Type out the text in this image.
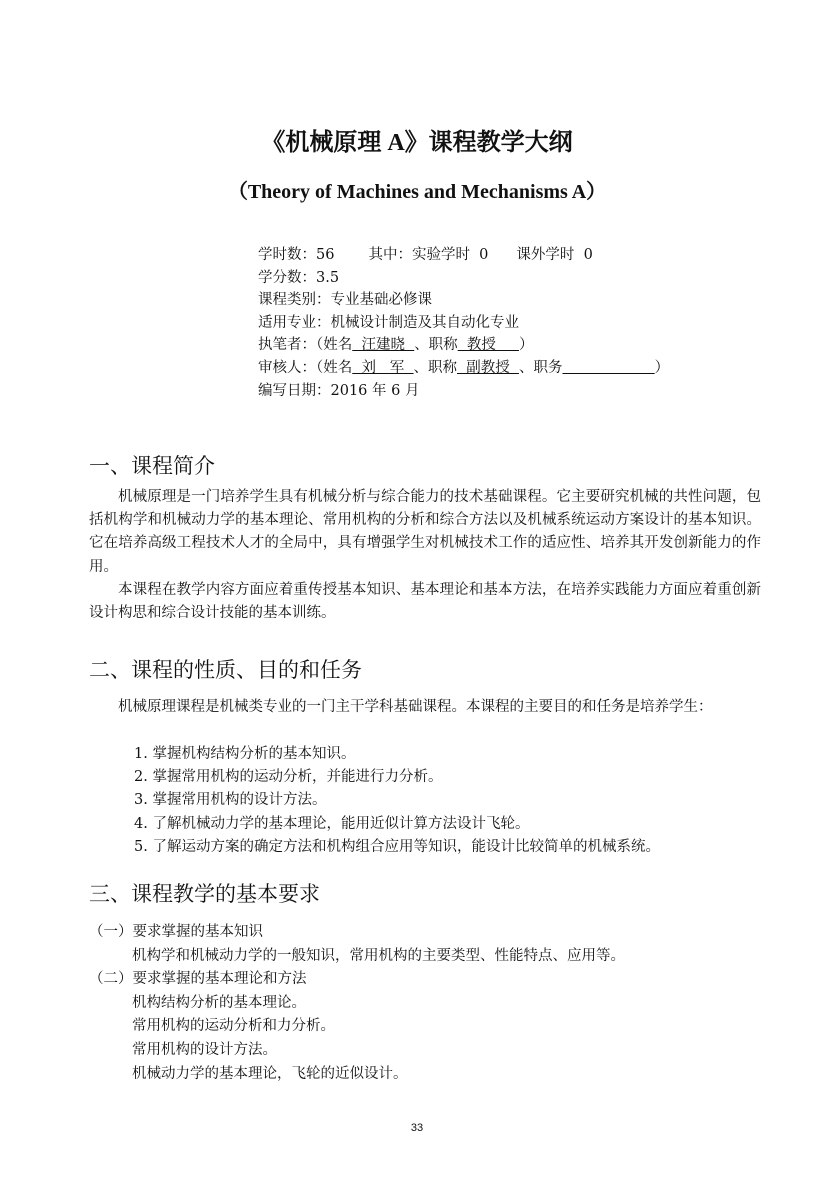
《机械原理 A》课程教学大纲
（Theory of Machines and Mechanisms A）
学时数：56 其中：实验学时 0 课外学时 0
学分数：3.5
课程类别：专业基础必修课
适用专业：机械设计制造及其自动化专业
执笔者：（姓名  汪建晓  、职称  教授     ）
审核人：（姓名  刘   军  、职称  副教授  、职务	）
编写日期：2016 年 6 月
一、课程简介

机械原理是一门培养学生具有机械分析与综合能力的技术基础课程。它主要研究机械的共性问题，包括机构学和机械动力学的基本理论、常用机构的分析和综合方法以及机械系统运动方案设计的基本知识。它在培养高级工程技术人才的全局中，具有增强学生对机械技术工作的适应性、培养其开发创新能力的作用。

本课程在教学内容方面应着重传授基本知识、基本理论和基本方法，在培养实践能力方面应着重创新设计构思和综合设计技能的基本训练。

二、课程的性质、目的和任务

机械原理课程是机械类专业的一门主干学科基础课程。本课程的主要目的和任务是培养学生：

1. 掌握机构结构分析的基本知识。
2. 掌握常用机构的运动分析，并能进行力分析。
3. 掌握常用机构的设计方法。
4. 了解机械动力学的基本理论，能用近似计算方法设计飞轮。
5. 了解运动方案的确定方法和机构组合应用等知识，能设计比较简单的机械系统。
三、课程教学的基本要求
（一）要求掌握的基本知识
机构学和机械动力学的一般知识，常用机构的主要类型、性能特点、应用等。
（二）要求掌握的基本理论和方法
机构结构分析的基本理论。
常用机构的运动分析和力分析。
常用机构的设计方法。
机械动力学的基本理论，飞轮的近似设计。
33
